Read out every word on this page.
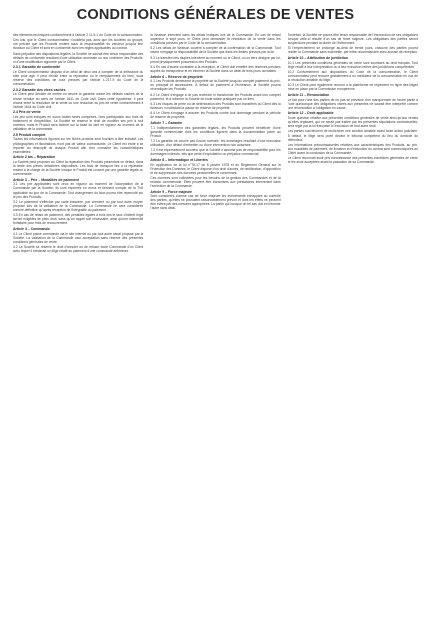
CONDITIONS GÉNÉRALES DE VENTES

des éléments techniques conformément à l'article 2.11-5-1 du Code de la consommation.

Ces lois, que le Client consommateur n'oubliera pas, ainsi que les sociétés du groupe, ont précisé que les Produits restent sous la responsabilité du vendeur jusqu'à leur livraison au Client et sont en conformité avec les règles applicables au contrat.

Sans préjudice des dispositions légales, la Société ne saurait être tenue responsable des défauts de conformité résultant d'une utilisation anormale ou non conforme des Produits, ni d'une modification apportée par le Client.

2.3.1 Garantie de conformité

Le Client consommateur dispose d'un délai de deux ans à compter de la délivrance du bien pour agir. Il peut choisir entre la réparation ou le remplacement du bien, sous réserve des conditions de coût prévues par l'article L.217-9 du Code de la consommation.

2.3.2 Garantie des vices cachés

Le Client peut décider de mettre en œuvre la garantie contre les défauts cachés de la chose vendue au sens de l'article 1641 du Code civil. Dans cette hypothèse, il peut choisir entre la résolution de la vente ou une réduction du prix de vente conformément à l'article 1644 du Code civil.

2.4 Prix de vente

Les prix sont indiqués en euros toutes taxes comprises, hors participation aux frais de traitement et d'expédition. La Société se réserve le droit de modifier ses prix à tout moment, mais le Produit sera facturé sur la base du tarif en vigueur au moment de la validation de la commande.

2.5 Produit complet

Toutes les informations figurant sur les fiches produits sont fournies à titre indicatif. Les photographies et illustrations n'ont pas de valeur contractuelle. Le Client est invité à se reporter au descriptif de chaque Produit afin d'en connaître les caractéristiques essentielles.

Article 2 bis – Réparation

La Société peut proposer au Client la réparation des Produits présentant un défaut, dans la limite des pièces détachées disponibles. Les frais de transport liés à la réparation restent à la charge de la Société lorsque le Produit est couvert par une garantie légale ou commerciale.

Article 3 – Prix – Modalités de paiement

3.1 Les prix applicables sont ceux en vigueur au moment de l'acceptation de la Commande par la Société. Ils sont exprimés en euros et tiennent compte de la TVA applicable au jour de la Commande. Tout changement du taux pourra être répercuté sur le prix des Produits.

3.2 Le paiement s'effectue par carte bancaire, par virement ou par tout autre moyen proposé lors de la validation de la Commande. La Commande ne sera considérée comme définitive qu'après réception de l'intégralité du paiement.

3.3 En cas de retard de paiement, des pénalités égales à trois fois le taux d'intérêt légal seront exigibles de plein droit, sans qu'un rappel soit nécessaire, ainsi qu'une indemnité forfaitaire pour frais de recouvrement.

Article 4 – Commande

4.1 Le Client passe commande via le site internet ou par tout autre canal proposé par la Société. La validation de la Commande vaut acceptation sans réserve des présentes conditions générales de vente.

4.2 La Société se réserve le droit d'annuler ou de refuser toute Commande d'un Client avec lequel il existerait un litige relatif au paiement d'une commande antérieure.

la livraison intervient dans les délais indiqués lors de la Commande. En cas de retard supérieur à sept jours, le Client peut demander la résolution de la vente dans les conditions prévues par le Code de la consommation.

5.2 Les délais de livraison courent à compter de la confirmation de la Commande. Tout retard n'engage la responsabilité de la Société que dans les limites prévues par la loi.

5.3 Le transfert des risques intervient au moment où le Client, ou un tiers désigné par lui, prend physiquement possession des Produits.

5.4 En cas d'avarie constatée à la réception, le Client doit émettre des réserves précises auprès du transporteur et en informer la Société dans un délai de trois jours ouvrables.

Article 6 – Réserve de propriété

6.1 Les Produits demeurent la propriété de la Société jusqu'au complet paiement du prix, en principal et accessoires. À défaut de paiement à l'échéance, la Société pourra revendiquer les Produits.

6.2 Le Client s'engage à ne pas revendre ni transformer les Produits avant leur complet paiement, et à informer la Société de toute saisie pratiquée par un tiers.

6.3 Les risques de perte ou de détérioration des Produits sont transférés au Client dès la livraison, nonobstant la clause de réserve de propriété.

6.4 Le Client s'engage à assurer les Produits contre tout dommage pendant la période de réserve de propriété.

Article 7 – Garantie

7.1 Indépendamment des garanties légales, les Produits peuvent bénéficier d'une garantie commerciale dont les conditions figurent dans la documentation jointe au Produit.

7.2 La garantie ne couvre pas l'usure normale, les dommages résultant d'une mauvaise utilisation, d'un défaut d'entretien ou d'une intervention non autorisée.

7.3 Il est expressément convenu que la Société n'assume pas de responsabilité pour les dommages indirects, tels que perte d'exploitation ou préjudice commercial.

Article 8 – Informatique et Libertés

En application de la loi n°78-17 du 6 janvier 1978 et du Règlement Général sur la Protection des Données, le Client dispose d'un droit d'accès, de rectification, d'opposition et de suppression des données personnelles le concernant.

Ces données sont collectées pour les besoins de la gestion des Commandes et de la relation commerciale. Elles peuvent être transmises aux prestataires intervenant dans l'exécution de la Commande.

Article 9 – Force majeure

Sont considérés comme cas de force majeure les événements échappant au contrôle des parties, qu'elles ne pouvaient raisonnablement prévoir et dont les effets ne peuvent être évités par des mesures appropriées. La partie qui invoque un tel cas doit en informer l'autre sans délai.

Toutefois, la Société ne pourra être tenue responsable de l'inexécution de ses obligations lorsque celle-ci résulte d'un cas de force majeure. Les obligations des parties seront suspendues pendant la durée de l'événement.

Si l'empêchement se prolonge au-delà de trente jours, chacune des parties pourra résilier la Commande sans indemnité, par lettre recommandée avec accusé de réception.

Article 10 – Attribution de juridiction

10.1 Les présentes conditions générales de vente sont soumises au droit français. Tout litige relatif à leur interprétation ou à leur exécution relève des juridictions compétentes.

10.2 Conformément aux dispositions du Code de la consommation, le Client consommateur peut recourir gratuitement à un médiateur de la consommation en vue de la résolution amiable du litige.

10.3 Le Client peut également recourir à la plateforme de règlement en ligne des litiges mise en place par la Commission européenne.

Article 11 – Renonciation

Le fait pour l'une des parties de ne pas se prévaloir d'un manquement de l'autre partie à l'une quelconque des obligations visées aux présentes ne saurait être interprété comme une renonciation à l'obligation en cause.

Article 12 – Droit applicable

Toute question relative aux présentes conditions générales de vente ainsi qu'aux ventes qu'elles régissent, qui ne serait pas traitée par les présentes stipulations contractuelles, sera régie par la loi française à l'exclusion de tout autre droit.

Les parties conviennent de rechercher une solution amiable avant toute action judiciaire. À défaut, le litige sera porté devant le tribunal compétent du lieu du domicile du défendeur.

Les informations précontractuelles relatives aux caractéristiques des Produits, au prix, aux modalités de paiement, de livraison et d'exécution du contrat sont communiquées au Client avant la conclusion de la Commande.

Le Client reconnaît avoir pris connaissance des présentes conditions générales de vente et les avoir acceptées avant la passation de sa Commande.
